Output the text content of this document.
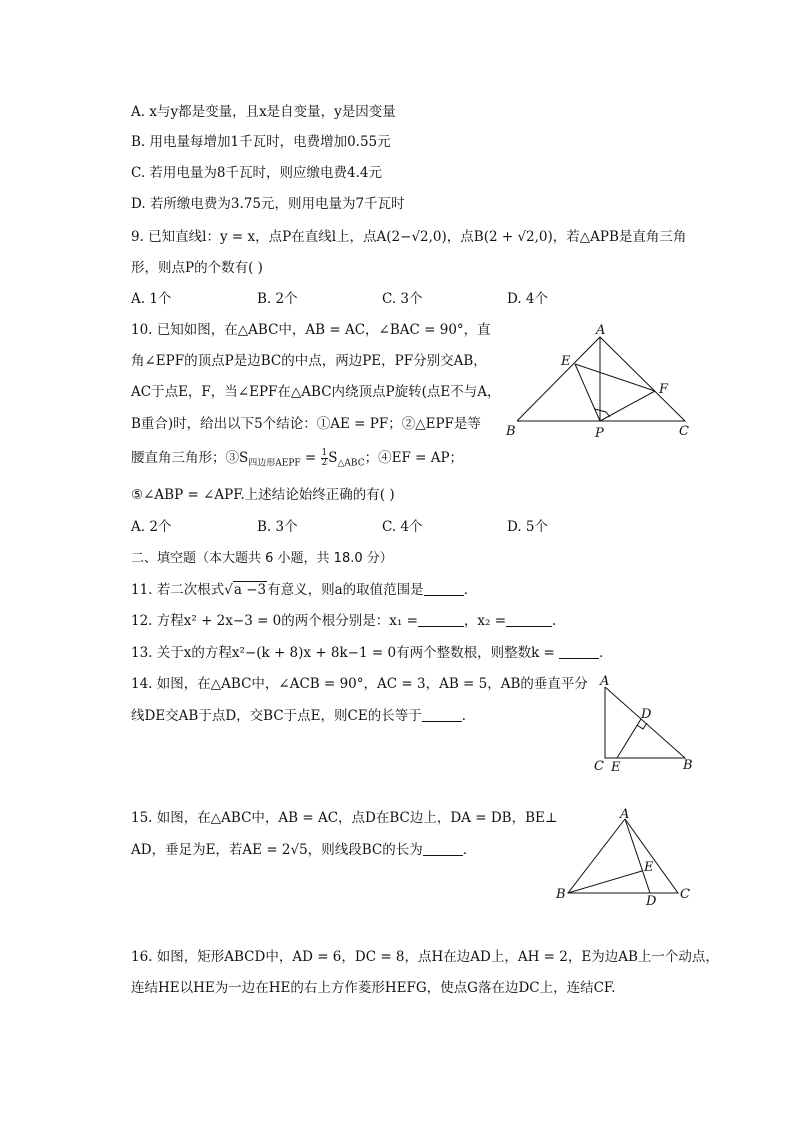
A. x与y都是变量，且x是自变量，y是因变量
B. 用电量每增加1千瓦时，电费增加0.55元
C. 若用电量为8千瓦时，则应缴电费4.4元
D. 若所缴电费为3.75元，则用电量为7千瓦时
9. 已知直线l：y = x，点P在直线l上，点A(2−√2,0)，点B(2 + √2,0)，若△APB是直角三角
形，则点P的个数有( )
A. 1个	B. 2个	C. 3个	D. 4个
10. 已知如图，在△ABC中，AB = AC，∠BAC = 90°，直
角∠EPF的顶点P是边BC的中点，两边PE，PF分别交AB，
AC于点E，F，当∠EPF在△ABC内绕顶点P旋转(点E不与A，
B重合)时，给出以下5个结论：①AE = PF；②△EPF是等
腰直角三角形；$③S_{四边形AEPF} = \frac{1}{2} S_{\triangle ABC}$；④EF = AP；
⑤∠ABP = ∠APF.上述结论始终正确的有( )
A. 2个	B. 3个	C. 4个	D. 5个
A
B	C
E
F
P
二、填空题（本大题共 6 小题，共 18.0 分）
11. 若二次根式√a −3有意义，则a的取值范围是	．
12. 方程x² + 2x−3 = 0的两个根分别是：x₁ =	，x₂ =	.
13. 关于x的方程x²−(k + 8)x + 8k−1 = 0有两个整数根，则整数k =	．
14. 如图，在△ABC中，∠ACB = 90°，AC = 3，AB = 5，AB的垂直平分
线DE交AB于点D，交BC于点E，则CE的长等于	．
A
C E
D
B
15. 如图，在△ABC中，AB = AC，点D在BC边上，DA = DB，BE⊥
AD，垂足为E，若AE = 2√5，则线段BC的长为	．
A
B	C
D
E
16. 如图，矩形ABCD中，AD = 6，DC = 8，点H在边AD上，AH = 2，E为边AB上一个动点，
连结HE以HE为一边在HE的右上方作菱形HEFG，使点G落在边DC上，连结CF.
